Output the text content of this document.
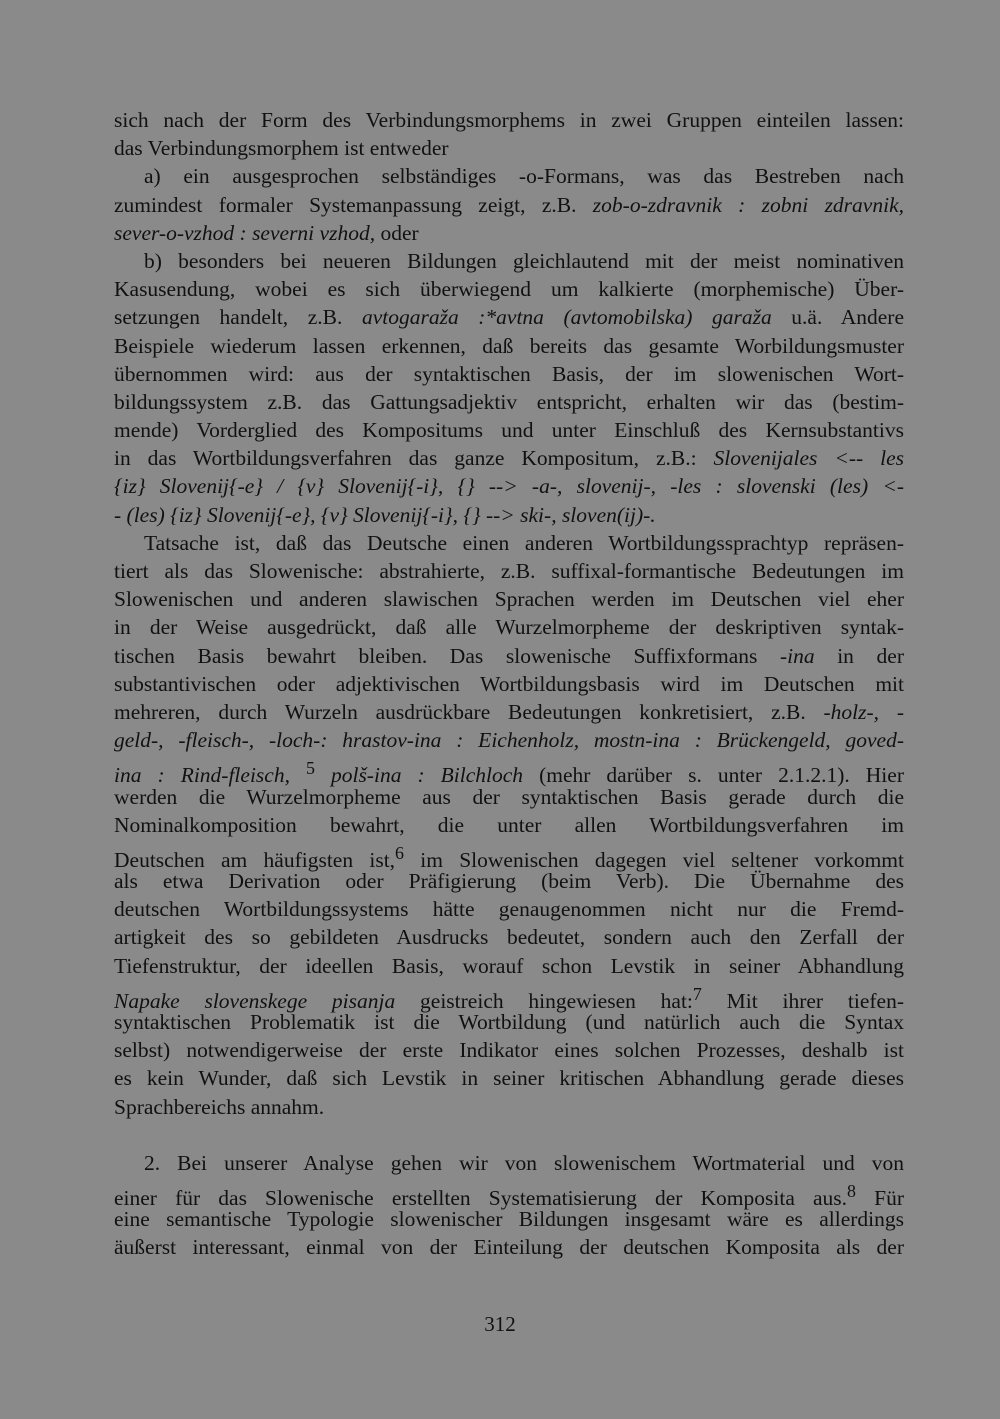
sich nach der Form des Verbindungsmorphems in zwei Gruppen einteilen lassen:
das Verbindungsmorphem ist entweder
a) ein ausgesprochen selbständiges -o-Formans, was das Bestreben nach
zumindest formaler Systemanpassung zeigt, z.B. zob-o-zdravnik : zobni zdravnik,
sever-o-vzhod : severni vzhod, oder
b) besonders bei neueren Bildungen gleichlautend mit der meist nominativen
Kasusendung, wobei es sich überwiegend um kalkierte (morphemische) Über-
setzungen handelt, z.B. avtogaraža :*avtna (avtomobilska) garaža u.ä. Andere
Beispiele wiederum lassen erkennen, daß bereits das gesamte Worbildungsmuster
übernommen wird: aus der syntaktischen Basis, der im slowenischen Wort-
bildungssystem z.B. das Gattungsadjektiv entspricht, erhalten wir das (bestim-
mende) Vorderglied des Kompositums und unter Einschluß des Kernsubstantivs
in das Wortbildungsverfahren das ganze Kompositum, z.B.: Slovenijales <-- les
{iz} Slovenij{-e} / {v} Slovenij{-i}, {} --> -a-, slovenij-, -les : slovenski (les) <-
- (les) {iz} Slovenij{-e}, {v} Slovenij{-i}, {} --> ski-, sloven(ij)-.
Tatsache ist, daß das Deutsche einen anderen Wortbildungssprachtyp repräsen-
tiert als das Slowenische: abstrahierte, z.B. suffixal-formantische Bedeutungen im
Slowenischen und anderen slawischen Sprachen werden im Deutschen viel eher
in der Weise ausgedrückt, daß alle Wurzelmorpheme der deskriptiven syntak-
tischen Basis bewahrt bleiben. Das slowenische Suffixformans -ina in der
substantivischen oder adjektivischen Wortbildungsbasis wird im Deutschen mit
mehreren, durch Wurzeln ausdrückbare Bedeutungen konkretisiert, z.B. -holz-, -
geld-, -fleisch-, -loch-: hrastov-ina : Eichenholz, mostn-ina : Brückengeld, goved-
ina : Rind-fleisch, $^5$ polš-ina : Bilchloch (mehr darüber s. unter 2.1.2.1). Hier
werden die Wurzelmorpheme aus der syntaktischen Basis gerade durch die
Nominalkomposition bewahrt, die unter allen Wortbildungsverfahren im
Deutschen am häufigsten ist,$^6$ im Slowenischen dagegen viel seltener vorkommt
als etwa Derivation oder Präfigierung (beim Verb). Die Übernahme des
deutschen Wortbildungssystems hätte genaugenommen nicht nur die Fremd-
artigkeit des so gebildeten Ausdrucks bedeutet, sondern auch den Zerfall der
Tiefenstruktur, der ideellen Basis, worauf schon Levstik in seiner Abhandlung
Napake slovenskege pisanja geistreich hingewiesen hat:$^7$ Mit ihrer tiefen-
syntaktischen Problematik ist die Wortbildung (und natürlich auch die Syntax
selbst) notwendigerweise der erste Indikator eines solchen Prozesses, deshalb ist
es kein Wunder, daß sich Levstik in seiner kritischen Abhandlung gerade dieses
Sprachbereichs annahm.
2. Bei unserer Analyse gehen wir von slowenischem Wortmaterial und von
einer für das Slowenische erstellten Systematisierung der Komposita aus.$^8$ Für
eine semantische Typologie slowenischer Bildungen insgesamt wäre es allerdings
äußerst interessant, einmal von der Einteilung der deutschen Komposita als der
312
